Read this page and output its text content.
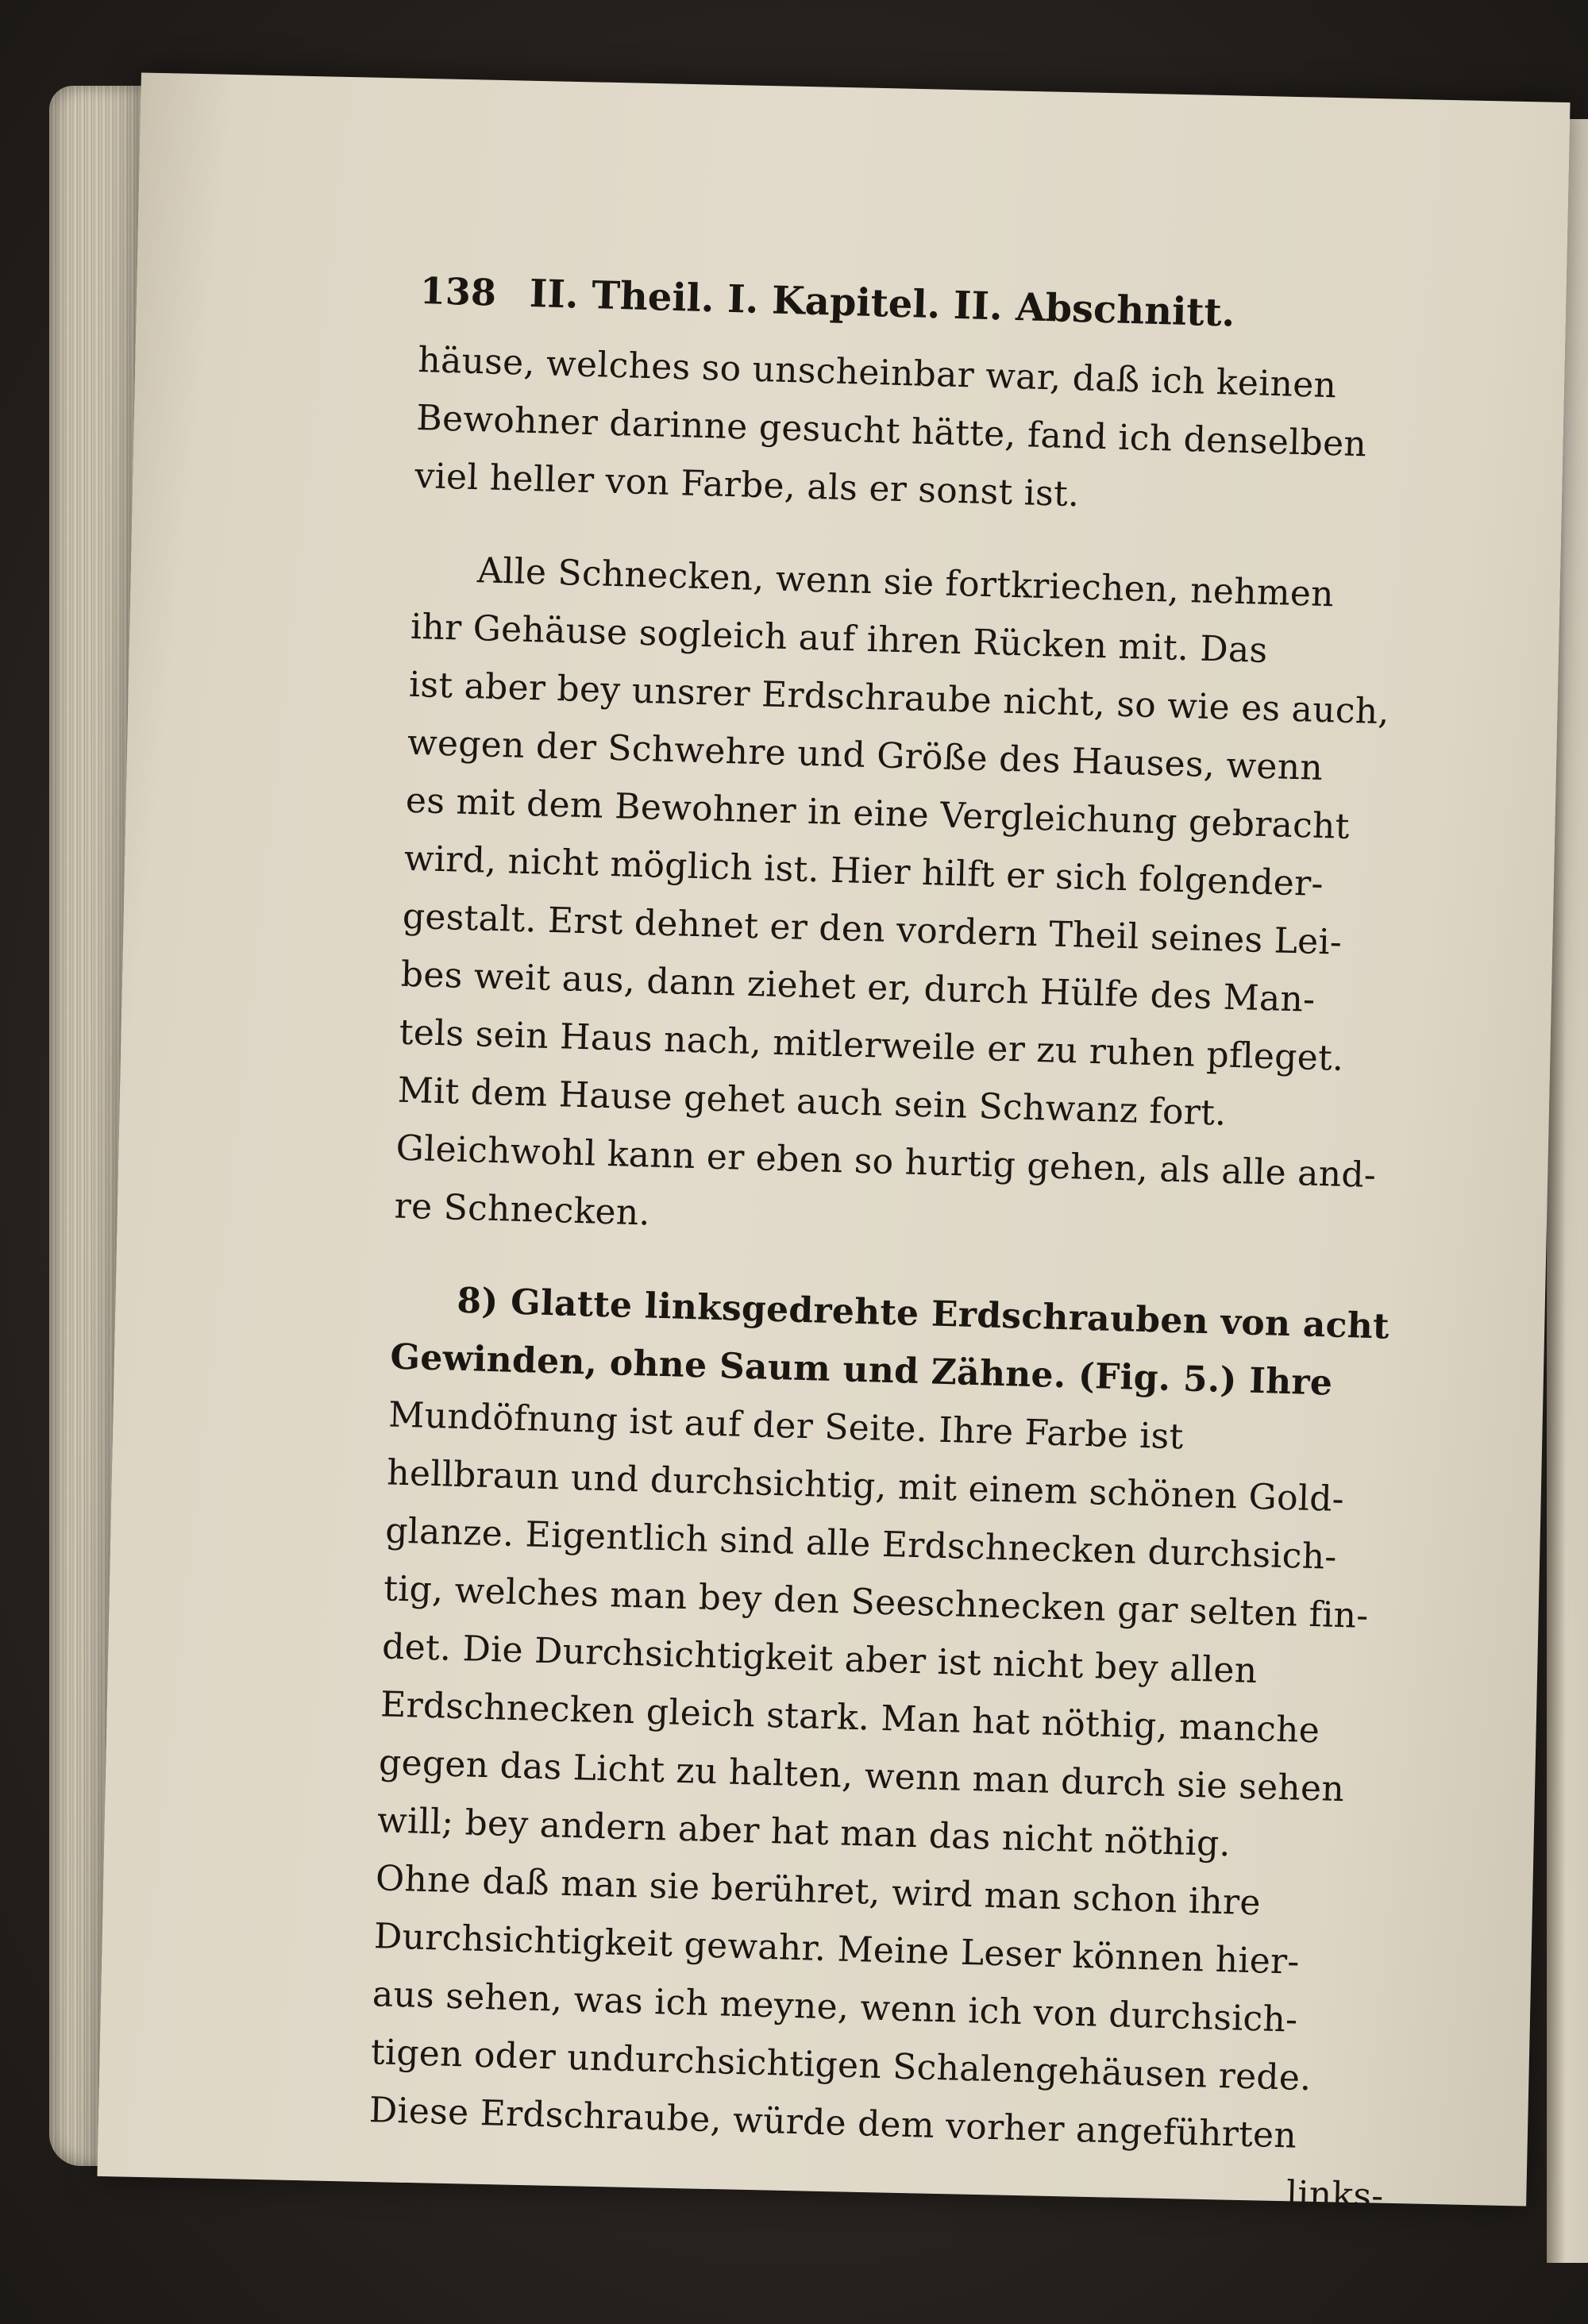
138 II. Theil. I. Kapitel. II. Abschnitt.
häuse, welches so unscheinbar war, daß ich keinen
Bewohner darinne gesucht hätte, fand ich denselben
viel heller von Farbe, als er sonst ist.
Alle Schnecken, wenn sie fortkriechen, nehmen
ihr Gehäuse sogleich auf ihren Rücken mit. Das
ist aber bey unsrer Erdschraube nicht, so wie es auch,
wegen der Schwehre und Größe des Hauses, wenn
es mit dem Bewohner in eine Vergleichung gebracht
wird, nicht möglich ist. Hier hilft er sich folgender-
gestalt. Erst dehnet er den vordern Theil seines Lei-
bes weit aus, dann ziehet er, durch Hülfe des Man-
tels sein Haus nach, mitlerweile er zu ruhen pfleget.
Mit dem Hause gehet auch sein Schwanz fort.
Gleichwohl kann er eben so hurtig gehen, als alle and-
re Schnecken.
8) Glatte linksgedrehte Erdschrauben von acht
Gewinden, ohne Saum und Zähne. (Fig. 5.) Ihre
Mundöfnung ist auf der Seite. Ihre Farbe ist
hellbraun und durchsichtig, mit einem schönen Gold-
glanze. Eigentlich sind alle Erdschnecken durchsich-
tig, welches man bey den Seeschnecken gar selten fin-
det. Die Durchsichtigkeit aber ist nicht bey allen
Erdschnecken gleich stark. Man hat nöthig, manche
gegen das Licht zu halten, wenn man durch sie sehen
will; bey andern aber hat man das nicht nöthig.
Ohne daß man sie berühret, wird man schon ihre
Durchsichtigkeit gewahr. Meine Leser können hier-
aus sehen, was ich meyne, wenn ich von durchsich-
tigen oder undurchsichtigen Schalengehäusen rede.
Diese Erdschraube, würde dem vorher angeführten
links-
